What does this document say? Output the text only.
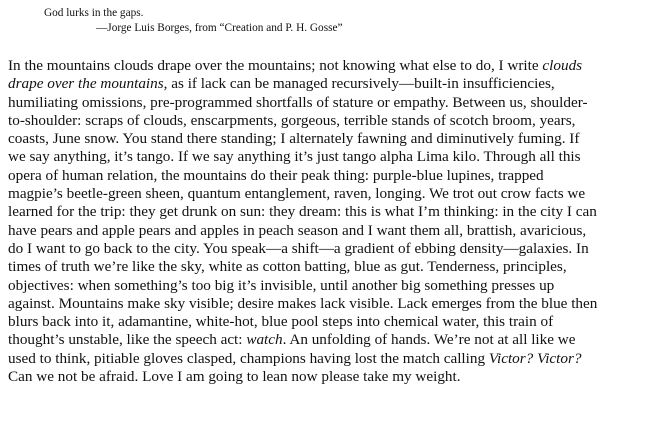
God lurks in the gaps.
—Jorge Luis Borges, from “Creation and P. H. Gosse”
In the mountains clouds drape over the mountains; not knowing what else to do, I write clouds
drape over the mountains, as if lack can be managed recursively—built-in insufficiencies,
humiliating omissions, pre-programmed shortfalls of stature or empathy. Between us, shoulder-
to-shoulder: scraps of clouds, enscarpments, gorgeous, terrible stands of scotch broom, years,
coasts, June snow. You stand there standing; I alternately fawning and diminutively fuming. If
we say anything, it’s tango. If we say anything it’s just tango alpha Lima kilo. Through all this
opera of human relation, the mountains do their peak thing: purple-blue lupines, trapped
magpie’s beetle-green sheen, quantum entanglement, raven, longing. We trot out crow facts we
learned for the trip: they get drunk on sun: they dream: this is what I’m thinking: in the city I can
have pears and apple pears and apples in peach season and I want them all, brattish, avaricious,
do I want to go back to the city. You speak—a shift—a gradient of ebbing density—galaxies. In
times of truth we’re like the sky, white as cotton batting, blue as gut. Tenderness, principles,
objectives: when something’s too big it’s invisible, until another big something presses up
against. Mountains make sky visible; desire makes lack visible. Lack emerges from the blue then
blurs back into it, adamantine, white-hot, blue pool steps into chemical water, this train of
thought’s unstable, like the speech act: watch. An unfolding of hands. We’re not at all like we
used to think, pitiable gloves clasped, champions having lost the match calling Victor? Victor?
Can we not be afraid. Love I am going to lean now please take my weight.
